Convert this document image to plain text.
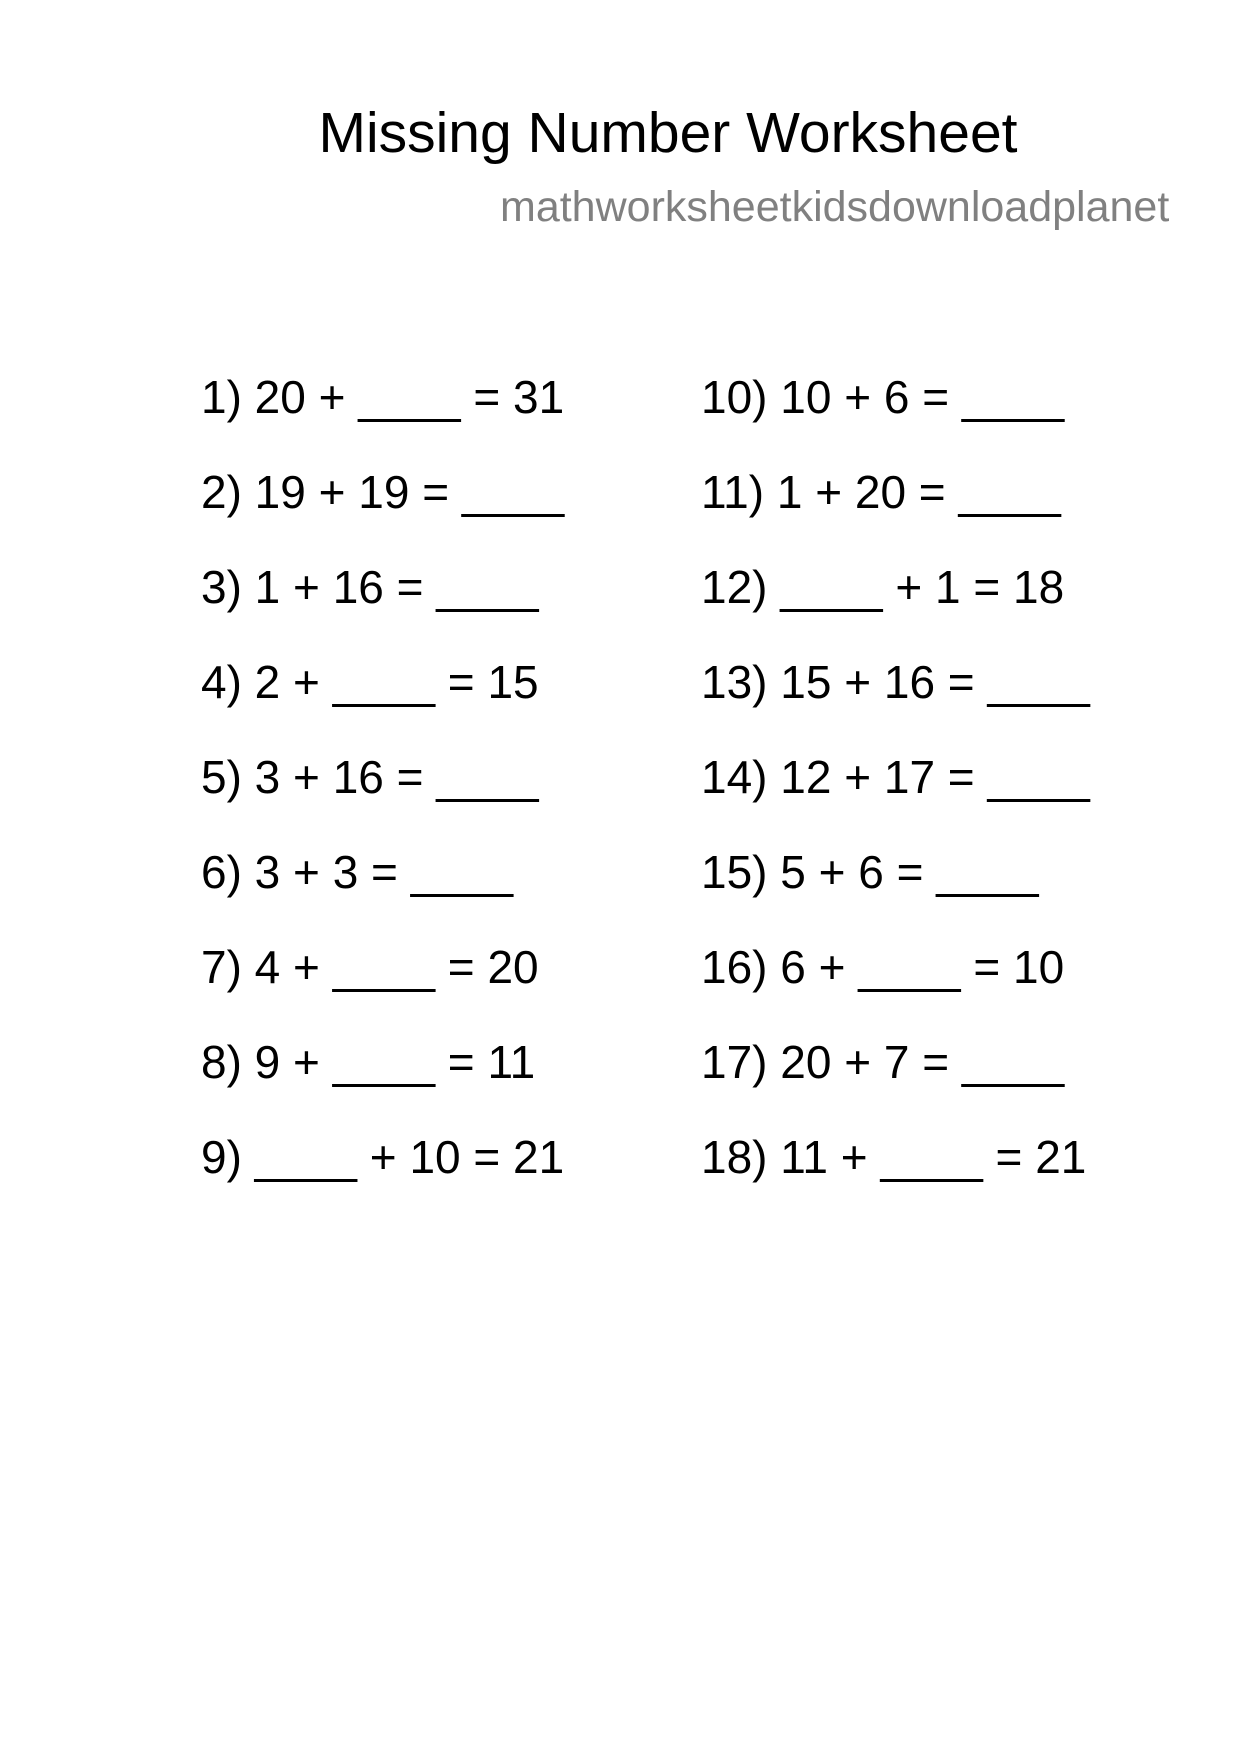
Missing Number Worksheet
mathworksheetkidsdownloadplanet
1) 20 + ____ = 31
2) 19 + 19 = ____
3) 1 + 16 = ____
4) 2 + ____ = 15
5) 3 + 16 = ____
6) 3 + 3 = ____
7) 4 + ____ = 20
8) 9 + ____ = 11
9) ____ + 10 = 21
10) 10 + 6 = ____
11) 1 + 20 = ____
12) ____ + 1 = 18
13) 15 + 16 = ____
14) 12 + 17 = ____
15) 5 + 6 = ____
16) 6 + ____ = 10
17) 20 + 7 = ____
18) 11 + ____ = 21
